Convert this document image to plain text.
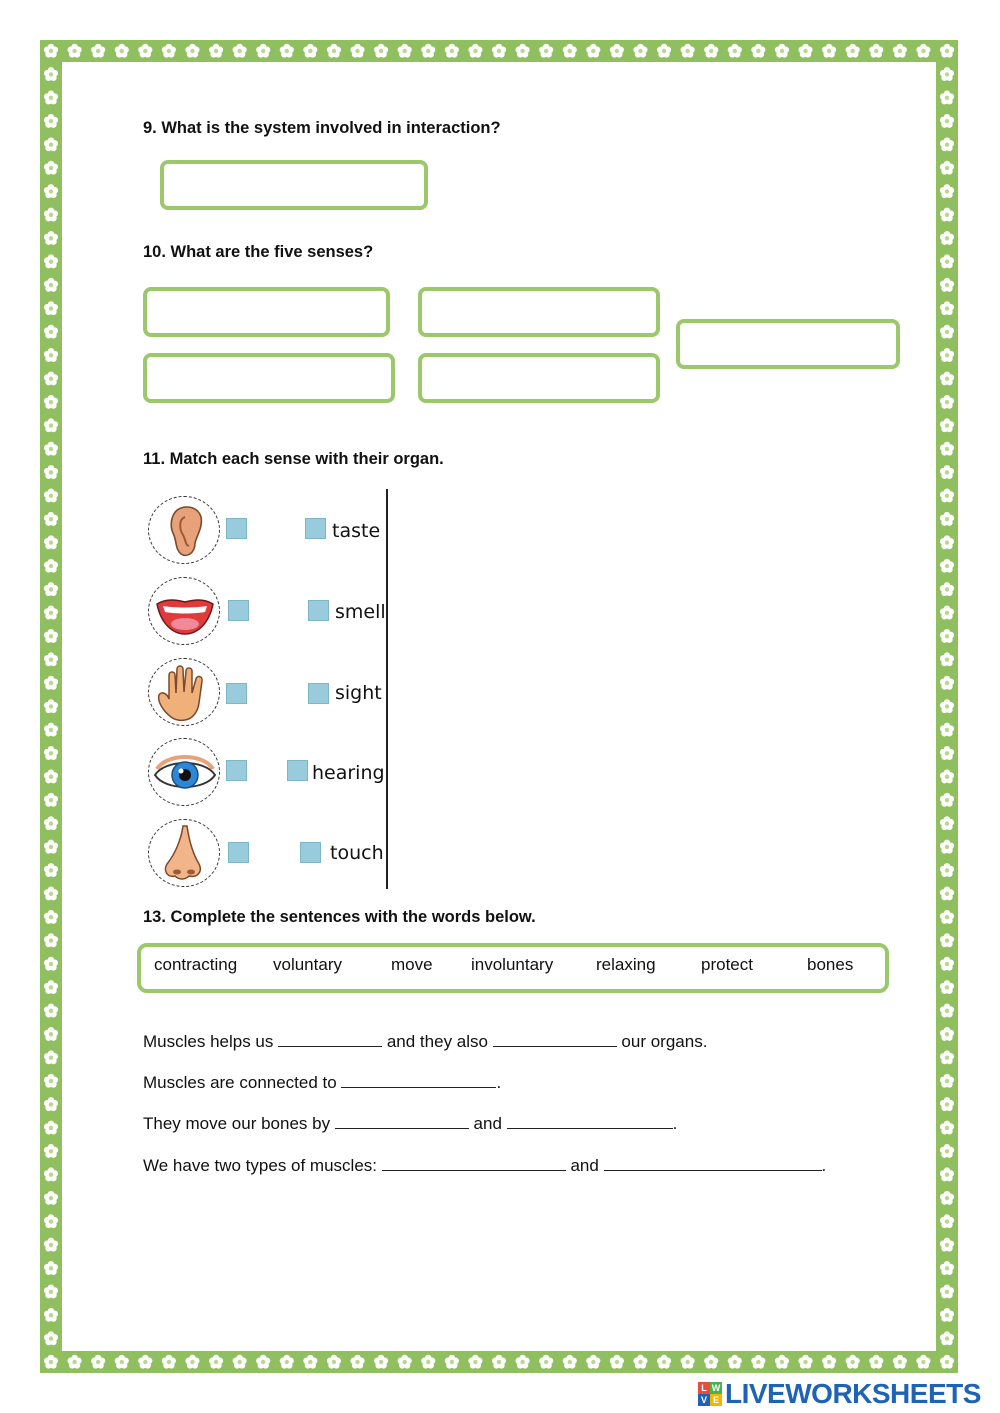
9. What is the system involved in interaction?
10. What are the five senses?
11. Match each sense with their organ.
taste
smell
sight
hearing
touch
13. Complete the sentences with the words below.
contracting voluntary	move involuntary	relaxing	protect	bones
Muscles helps us	and they also	our organs.
Muscles are connected to	.
They move our bones by	and	.
We have two types of muscles:	and	.
L W
V E LIVEWORKSHEETS
